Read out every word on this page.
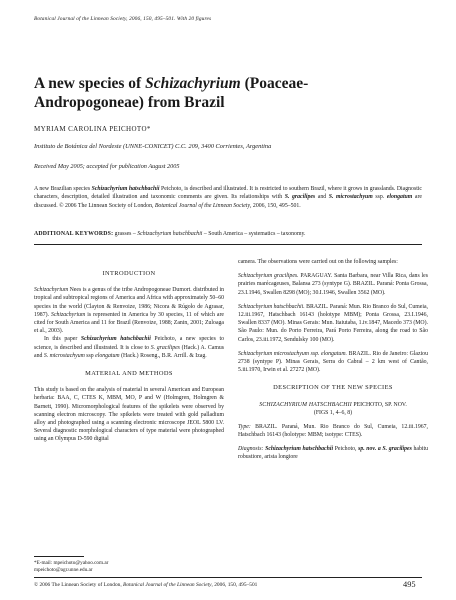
Botanical Journal of the Linnean Society, 2006, 150, 495–501. With 20 figures
A new species of Schizachyrium (Poaceae-
Andropogoneae) from Brazil
MYRIAM CAROLINA PEICHOTO*
Instituto de Botánica del Nordeste (UNNE-CONICET) C.C. 209, 3400 Corrientes, Argentina
Received May 2005; accepted for publication August 2005
A new Brazilian species Schizachyrium hatschbachii Peichoto, is described and illustrated. It is restricted to southern Brazil, where it grows in grasslands. Diagnostic characters, description, detailed illustration and taxonomic comments are given. Its relationships with S. gracilipes and S. microstachyum ssp. elongatum are discussed. © 2006 The Linnean Society of London, Botanical Journal of the Linnean Society, 2006, 150, 495–501.
ADDITIONAL KEYWORDS: grasses – Schizachyrium hatschbachii – South America – systematics – taxonomy.
INTRODUCTION

Schizachyrium Nees is a genus of the tribe Andropogoneae Dumort. distributed in tropical and subtropical regions of America and Africa with approximately 50–60 species in the world (Clayton & Renvoize, 1986; Nicora & Rúgolo de Agrasar, 1987). Schizachyrium is represented in America by 30 species, 11 of which are cited for South America and 11 for Brazil (Renvoize, 1988; Zanin, 2001; Zuloaga et al., 2003).

In this paper Schizachyrium hatschbachii Peichoto, a new species to science, is described and illustrated. It is close to S. gracilipes (Hack.) A. Camus and S. microstachyum ssp elongatum (Hack.) Roseng., B.R. Arrill. & Izag.

MATERIAL AND METHODS

This study is based on the analysis of material in several American and European herbaria: BAA, C, CTES K, MBM, MO, P and W (Holmgren, Holmgren & Barnett, 1990). Micromorphological features of the spikelets were observed by scanning electron microscopy. The spikelets were treated with gold palladium alloy and photographed using a scanning electronic microscope JEOL 5800 LV. Several diagnostic morphological characters of type material were photographed using an Olympus D-590 digital

camera. The observations were carried out on the following samples:

Schizachyrium gracilipes. PARAGUAY. Santa Barbara, near Villa Rica, dans les prairies marécageuses, Balansa 273 (syntype G). BRAZIL. Paraná: Ponta Grossa, 23.I.1946, Swallen 8298 (MO); 30.I.1946, Swallen 3562 (MO).

Schizachyrium hatschbachii. BRAZIL. Paraná: Mun. Rio Branco do Sul, Cumeia, 12.iii.1967, Hatschbach 16143 (holotype MBM); Ponta Grossa, 23.I.1946, Swallen 8337 (MO). Minas Gerais: Mun. Itaiutaba, 1.iv.1847, Macedo 373 (MO). São Paulo: Mun. do Porto Ferreira, Pará Porto Ferreira, along the road to São Carlos, 23.iii.1972, Sendulsky 100 (MO).

Schizachyrium microstachyum ssp. elongatum. BRAZIL. Rio de Janeiro: Glaziou 2738 (syntype P). Minas Gerais, Serra do Cabral – 2 km west of Cantão, 5.iii.1970, Irwin et al. 27272 (MO).

DESCRIPTION OF THE NEW SPECIES
SCHIZACHYRIUM HATSCHBACHII PEICHOTO, SP. NOV.
(FIGS 1, 4–6, 8)

Type: BRAZIL. Paraná, Mun. Rio Branco do Sul, Cumeia, 12.iii.1967, Hatschbach 16143 (holotype: MBM; isotype: CTES).

Diagnosis: Schizachyrium hatschbachii Peichoto, sp. nov. a S. gracilipes habitu robustiore, arista longiore

*E-mail: mpeichoto@yahoo.com.ar
mpeichoto@agr.unne.edu.ar
© 2006 The Linnean Society of London, Botanical Journal of the Linnean Society, 2006, 150, 495–501	495
